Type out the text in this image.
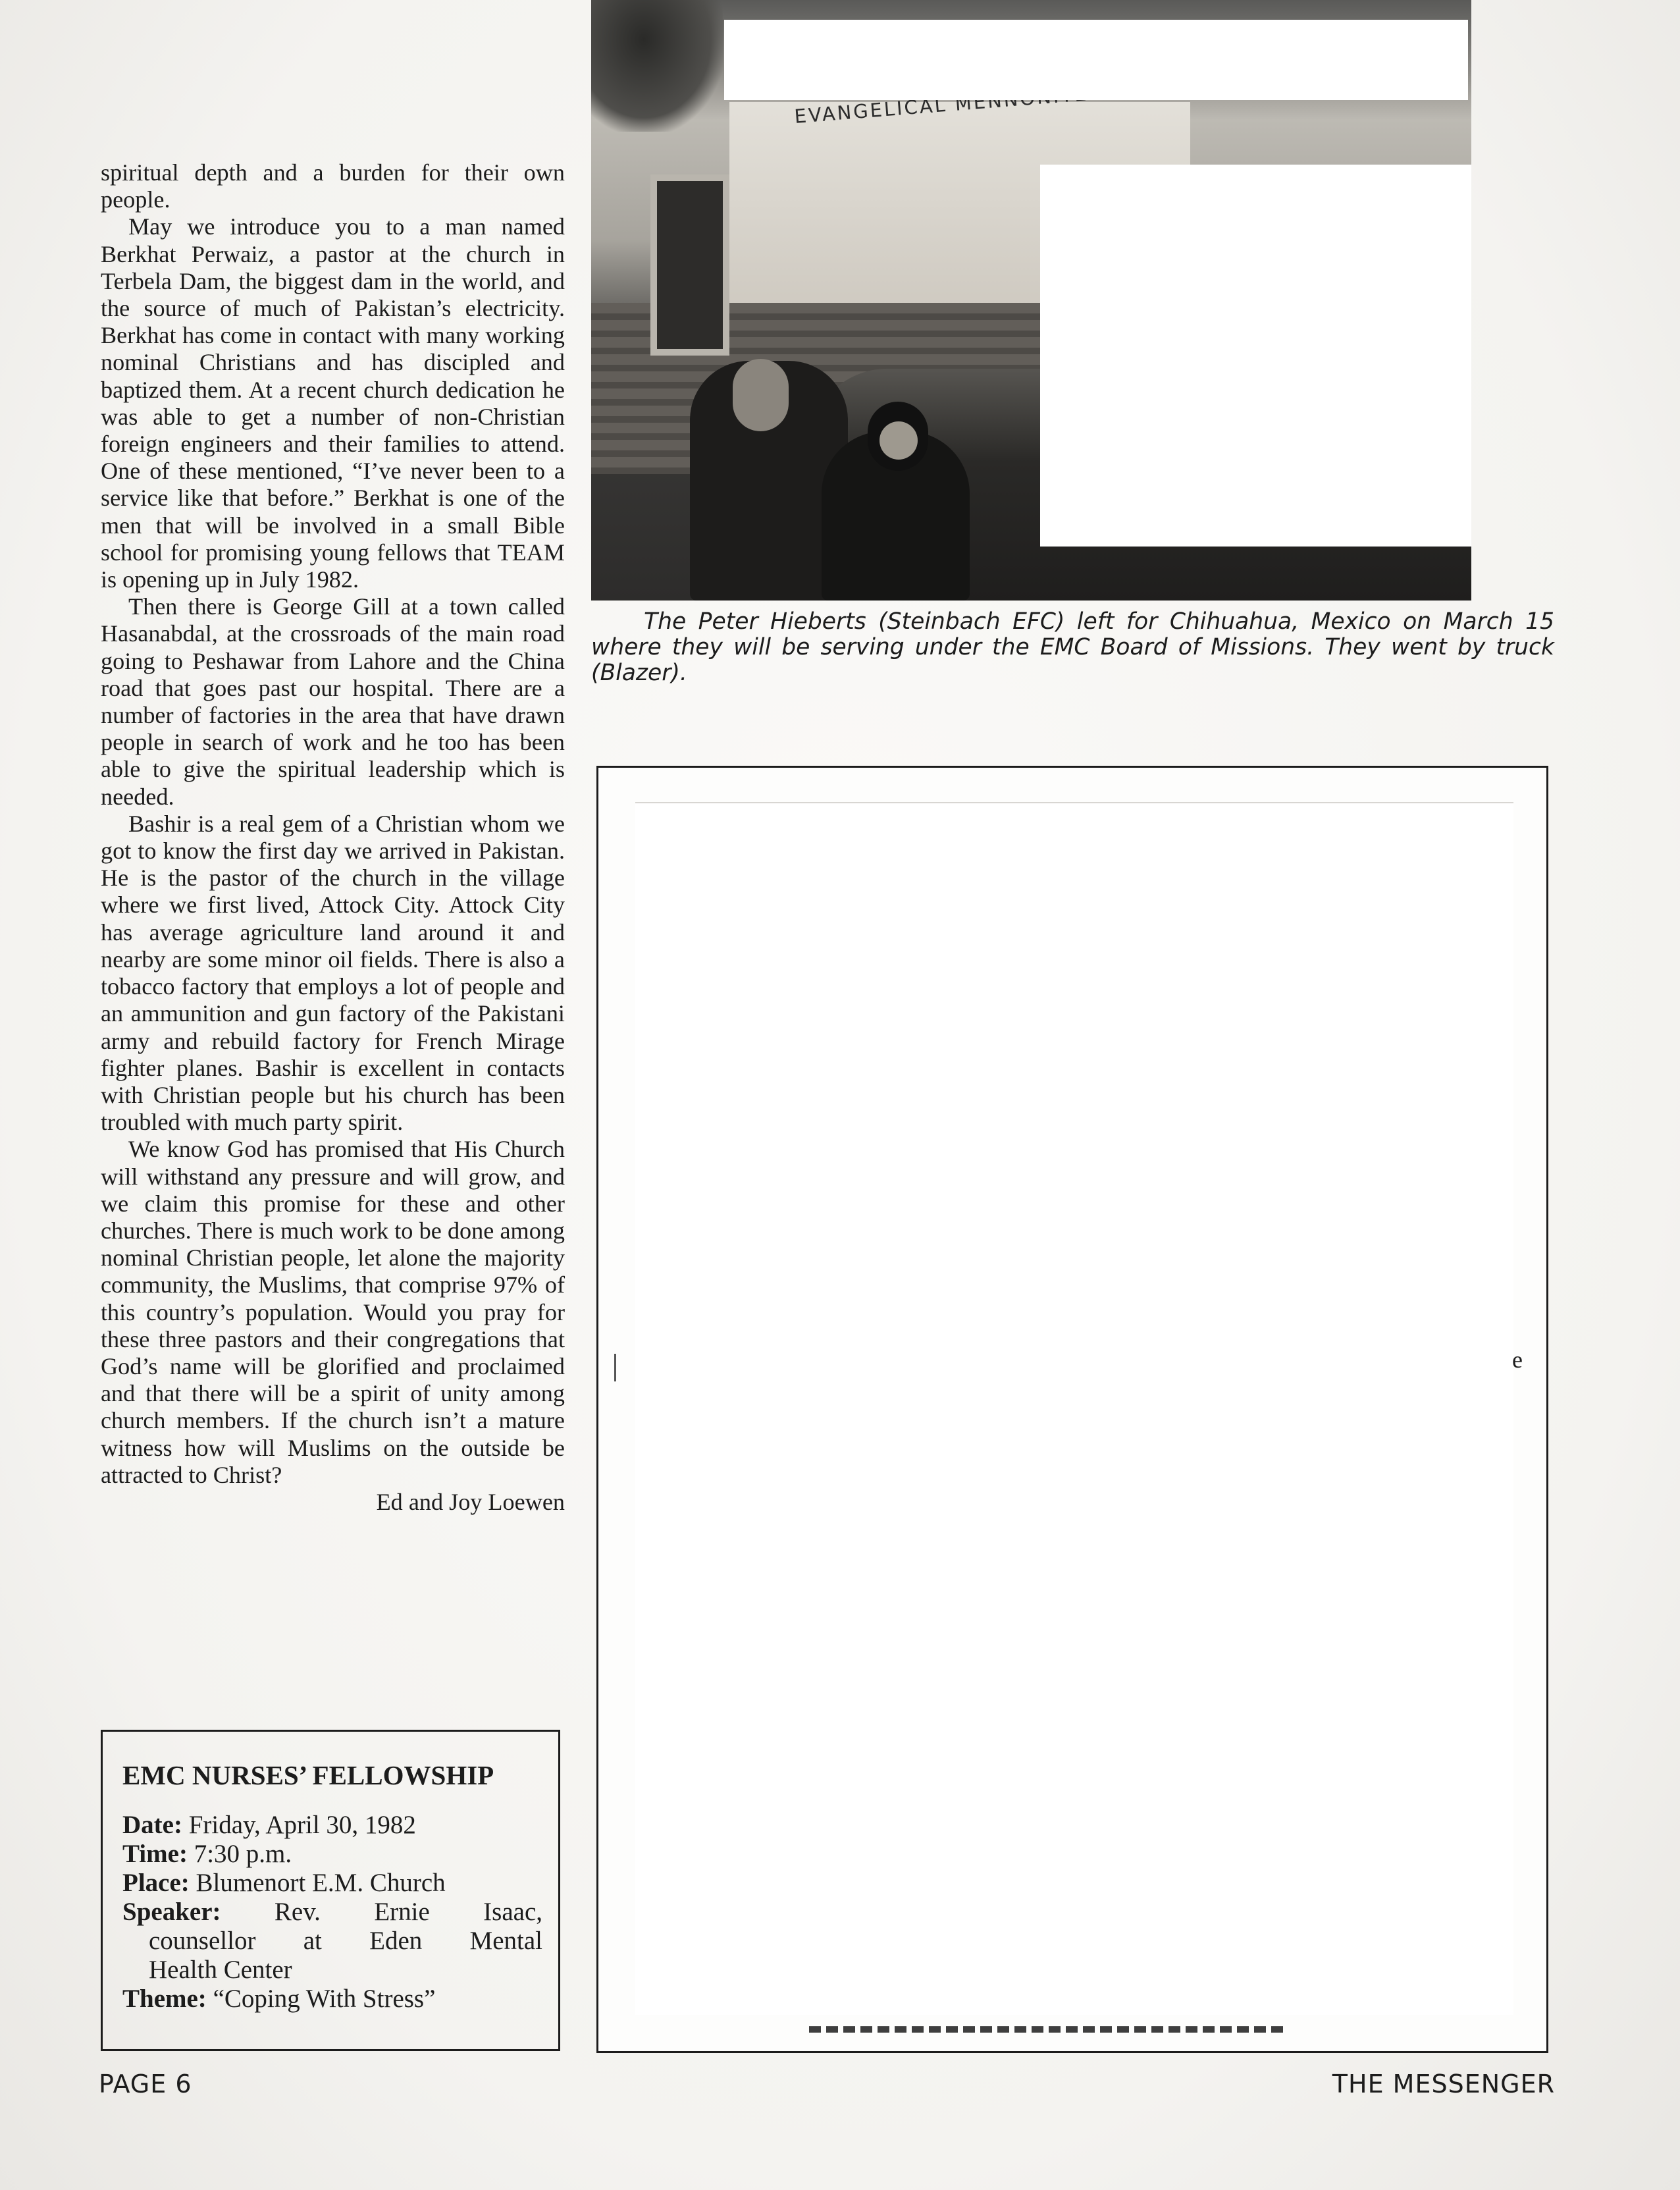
spiritual depth and a burden for their own people.

May we introduce you to a man named Berkhat Perwaiz, a pastor at the church in Terbela Dam, the biggest dam in the world, and the source of much of Pakistan’s electricity. Berkhat has come in contact with many working nominal Christians and has discipled and baptized them. At a recent church dedication he was able to get a number of non-Christian foreign engineers and their families to attend. One of these mentioned, “I’ve never been to a service like that before.” Berkhat is one of the men that will be involved in a small Bible school for promising young fellows that TEAM is opening up in July 1982.

Then there is George Gill at a town called Hasanabdal, at the crossroads of the main road going to Peshawar from Lahore and the China road that goes past our hospital. There are a number of factories in the area that have drawn people in search of work and he too has been able to give the spiritual leadership which is needed.

Bashir is a real gem of a Christian whom we got to know the first day we arrived in Pakistan. He is the pastor of the church in the village where we first lived, Attock City. Attock City has average agriculture land around it and nearby are some minor oil fields. There is also a tobacco factory that employs a lot of people and an ammunition and gun factory of the Pakistani army and rebuild factory for French Mirage fighter planes. Bashir is excellent in contacts with Christian people but his church has been troubled with much party spirit.

We know God has promised that His Church will withstand any pressure and will grow, and we claim this promise for these and other churches. There is much work to be done among nominal Christian people, let alone the majority community, the Muslims, that comprise 97% of this country’s population. Would you pray for these three pastors and their congregations that God’s name will be glorified and proclaimed and that there will be a spirit of unity among church members. If the church isn’t a mature witness how will Muslims on the outside be attracted to Christ?

Ed and Joy Loewen

EMC NURSES’ FELLOWSHIP

Date: Friday, April 30, 1982

Time: 7:30 p.m.

Place: Blumenort E.M. Church

Speaker: Rev. Ernie Isaac,

counsellor at Eden Mental

Health Center

Theme: “Coping With Stress”

The Peter Hieberts (Steinbach EFC) left for Chihuahua, Mexico on March 15 where they will be serving under the EMC Board of Missions. They went by truck (Blazer).
e
PAGE 6	THE MESSENGER
